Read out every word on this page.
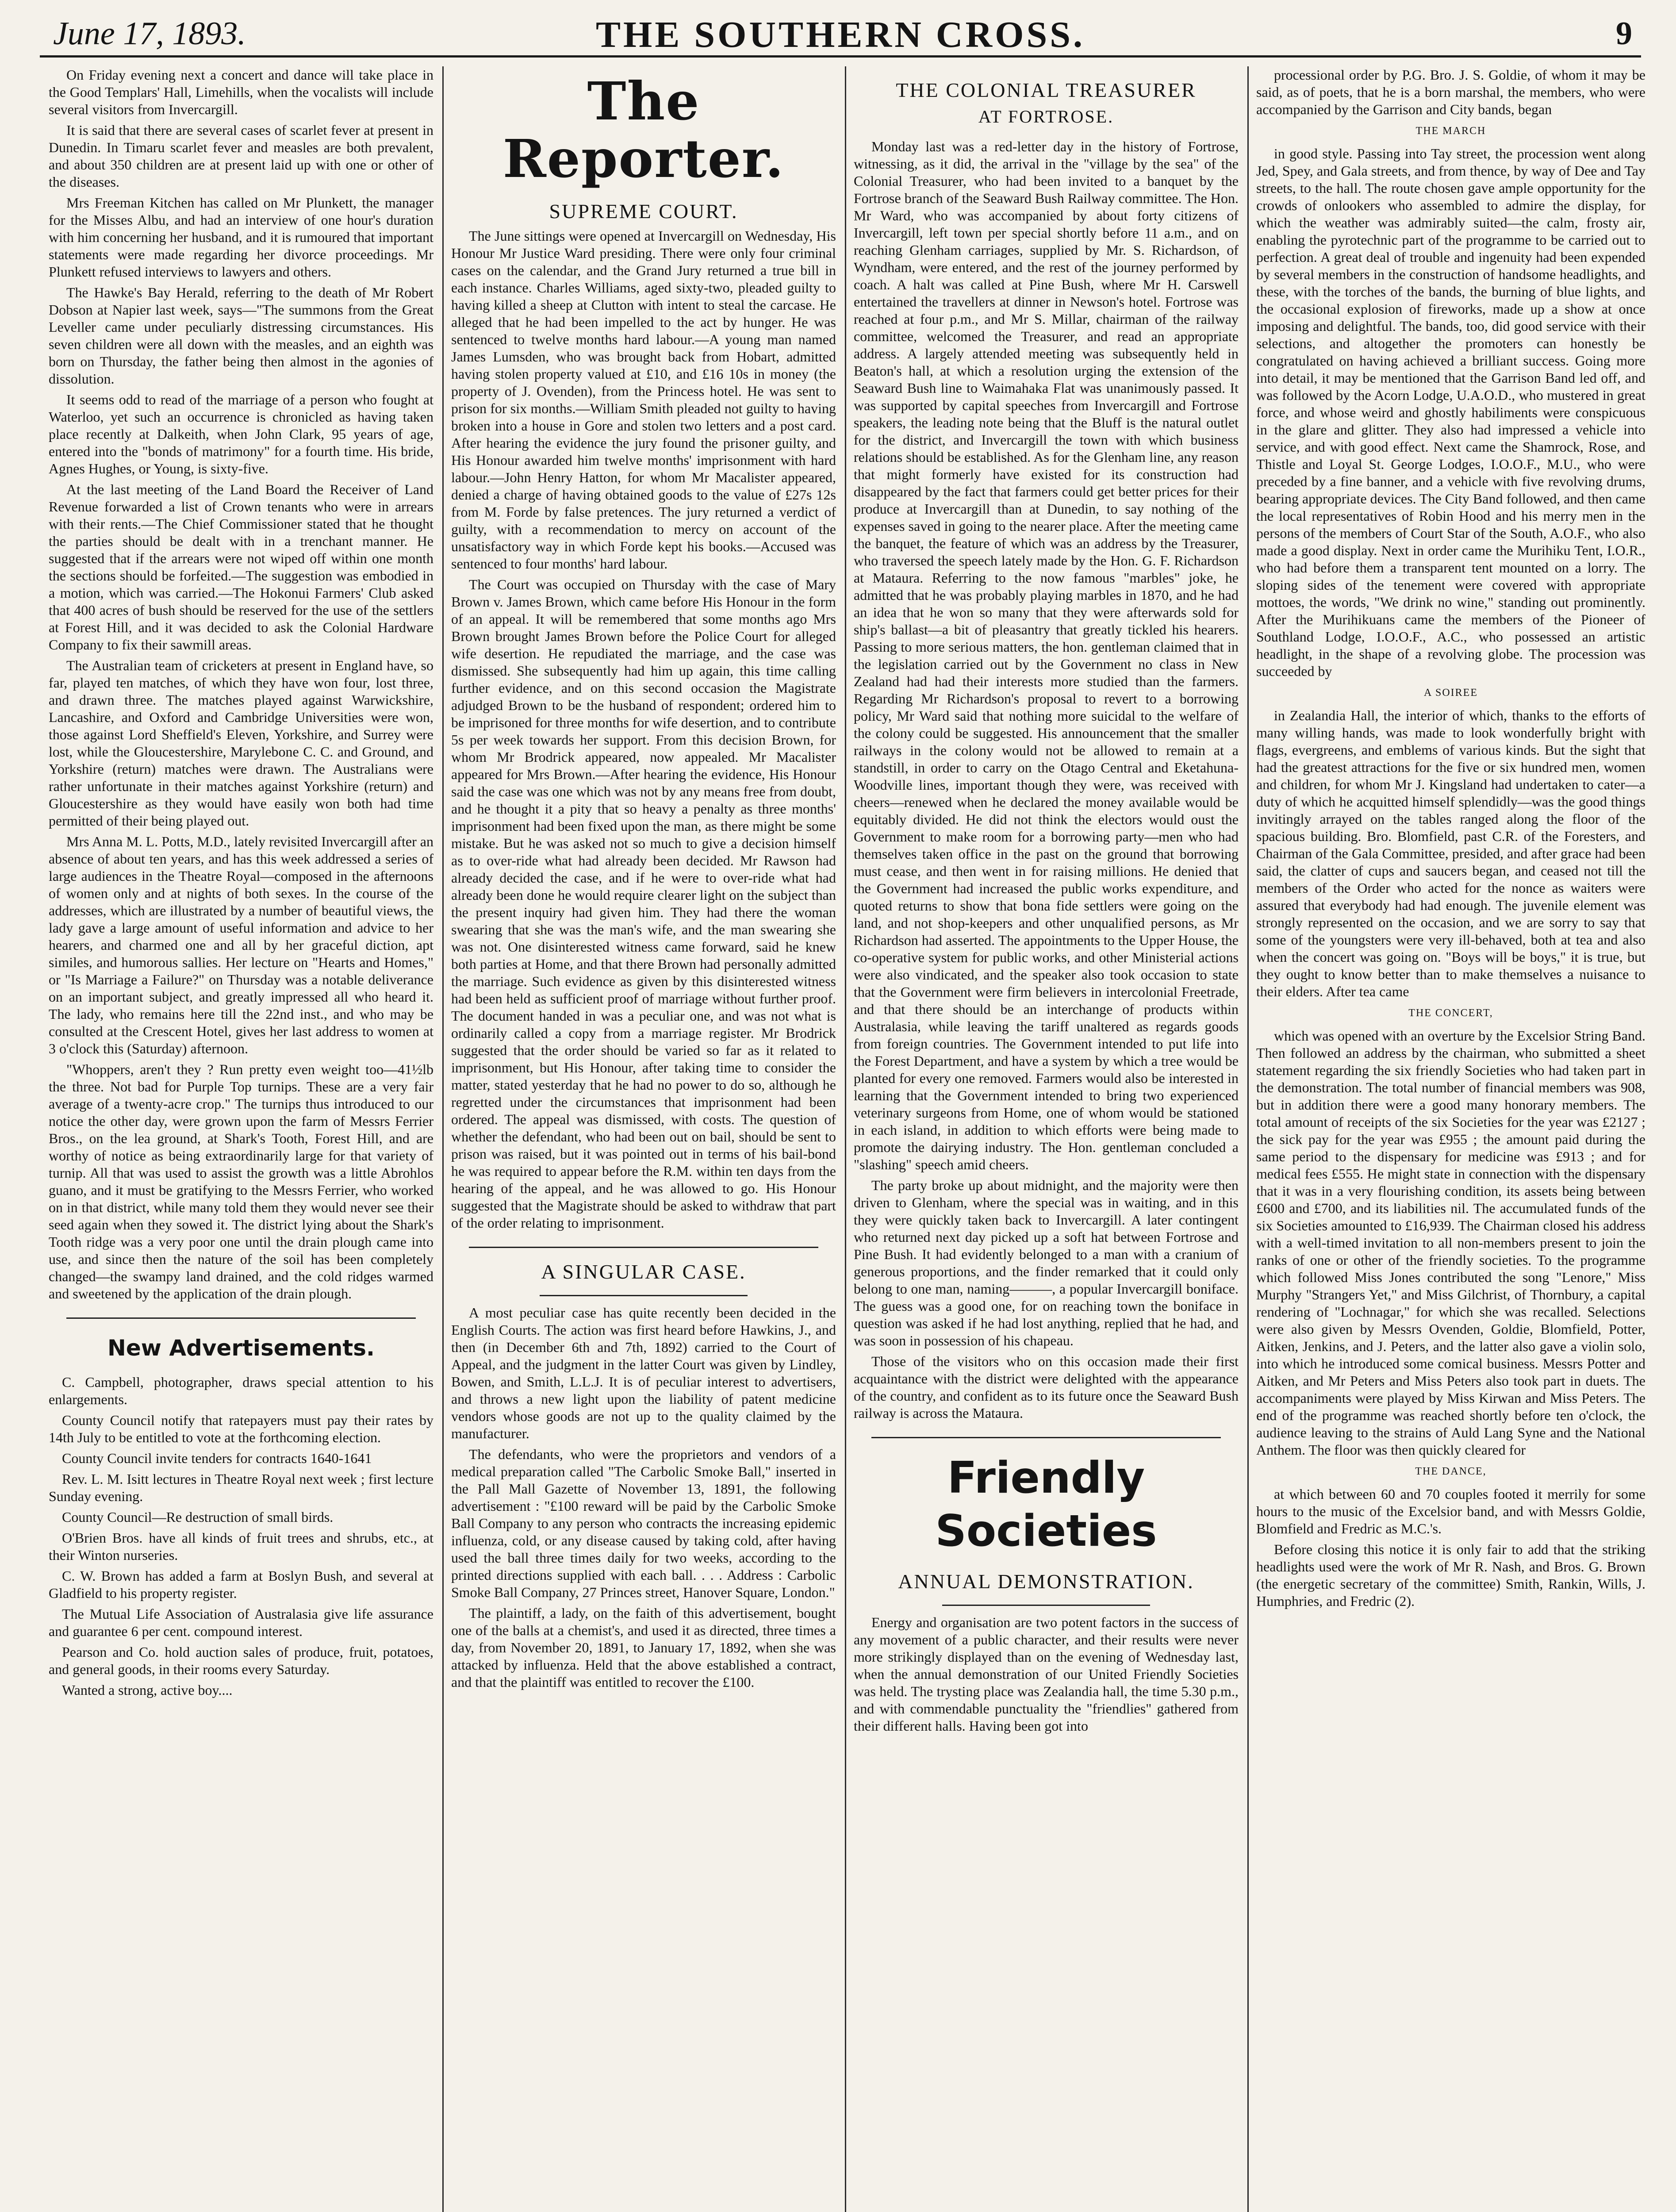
June 17, 1893.	THE SOUTHERN CROSS.	9

On Friday evening next a concert and dance will take place in the Good Templars' Hall, Limehills, when the vocalists will include several visitors from Invercargill.

It is said that there are several cases of scarlet fever at present in Dunedin. In Timaru scarlet fever and measles are both prevalent, and about 350 children are at present laid up with one or other of the diseases.

Mrs Freeman Kitchen has called on Mr Plunkett, the manager for the Misses Albu, and had an interview of one hour's duration with him concerning her husband, and it is rumoured that important statements were made regarding her divorce proceedings. Mr Plunkett refused interviews to lawyers and others.

The Hawke's Bay Herald, referring to the death of Mr Robert Dobson at Napier last week, says—"The summons from the Great Leveller came under peculiarly distressing circumstances. His seven children were all down with the measles, and an eighth was born on Thursday, the father being then almost in the agonies of dissolution.

It seems odd to read of the marriage of a person who fought at Waterloo, yet such an occurrence is chronicled as having taken place recently at Dalkeith, when John Clark, 95 years of age, entered into the "bonds of matrimony" for a fourth time. His bride, Agnes Hughes, or Young, is sixty-five.

At the last meeting of the Land Board the Receiver of Land Revenue forwarded a list of Crown tenants who were in arrears with their rents.—The Chief Commissioner stated that he thought the parties should be dealt with in a trenchant manner. He suggested that if the arrears were not wiped off within one month the sections should be forfeited.—The suggestion was embodied in a motion, which was carried.—The Hokonui Farmers' Club asked that 400 acres of bush should be reserved for the use of the settlers at Forest Hill, and it was decided to ask the Colonial Hardware Company to fix their sawmill areas.

The Australian team of cricketers at present in England have, so far, played ten matches, of which they have won four, lost three, and drawn three. The matches played against Warwickshire, Lancashire, and Oxford and Cambridge Universities were won, those against Lord Sheffield's Eleven, Yorkshire, and Surrey were lost, while the Gloucestershire, Marylebone C. C. and Ground, and Yorkshire (return) matches were drawn. The Australians were rather unfortunate in their matches against Yorkshire (return) and Gloucestershire as they would have easily won both had time permitted of their being played out.

Mrs Anna M. L. Potts, M.D., lately revisited Invercargill after an absence of about ten years, and has this week addressed a series of large audiences in the Theatre Royal—composed in the afternoons of women only and at nights of both sexes. In the course of the addresses, which are illustrated by a number of beautiful views, the lady gave a large amount of useful information and advice to her hearers, and charmed one and all by her graceful diction, apt similes, and humorous sallies. Her lecture on "Hearts and Homes," or "Is Marriage a Failure?" on Thursday was a notable deliverance on an important subject, and greatly impressed all who heard it. The lady, who remains here till the 22nd inst., and who may be consulted at the Crescent Hotel, gives her last address to women at 3 o'clock this (Saturday) afternoon.

"Whoppers, aren't they ? Run pretty even weight too—41½lb the three. Not bad for Purple Top turnips. These are a very fair average of a twenty-acre crop." The turnips thus introduced to our notice the other day, were grown upon the farm of Messrs Ferrier Bros., on the lea ground, at Shark's Tooth, Forest Hill, and are worthy of notice as being extraordinarily large for that variety of turnip. All that was used to assist the growth was a little Abrohlos guano, and it must be gratifying to the Messrs Ferrier, who worked on in that district, while many told them they would never see their seed again when they sowed it. The district lying about the Shark's Tooth ridge was a very poor one until the drain plough came into use, and since then the nature of the soil has been completely changed—the swampy land drained, and the cold ridges warmed and sweetened by the application of the drain plough.

New Advertisements.

C. Campbell, photographer, draws special attention to his enlargements.

County Council notify that ratepayers must pay their rates by 14th July to be entitled to vote at the forthcoming election.

County Council invite tenders for contracts 1640-1641

Rev. L. M. Isitt lectures in Theatre Royal next week ; first lecture Sunday evening.

County Council—Re destruction of small birds.

O'Brien Bros. have all kinds of fruit trees and shrubs, etc., at their Winton nurseries.

C. W. Brown has added a farm at Boslyn Bush, and several at Gladfield to his property register.

The Mutual Life Association of Australasia give life assurance and guarantee 6 per cent. compound interest.

Pearson and Co. hold auction sales of produce, fruit, potatoes, and general goods, in their rooms every Saturday.

Wanted a strong, active boy....

The Reporter.
SUPREME COURT.

The June sittings were opened at Invercargill on Wednesday, His Honour Mr Justice Ward presiding. There were only four criminal cases on the calendar, and the Grand Jury returned a true bill in each instance. Charles Williams, aged sixty-two, pleaded guilty to having killed a sheep at Clutton with intent to steal the carcase. He alleged that he had been impelled to the act by hunger. He was sentenced to twelve months hard labour.—A young man named James Lumsden, who was brought back from Hobart, admitted having stolen property valued at £10, and £16 10s in money (the property of J. Ovenden), from the Princess hotel. He was sent to prison for six months.—William Smith pleaded not guilty to having broken into a house in Gore and stolen two letters and a post card. After hearing the evidence the jury found the prisoner guilty, and His Honour awarded him twelve months' imprisonment with hard labour.—John Henry Hatton, for whom Mr Macalister appeared, denied a charge of having obtained goods to the value of £27s 12s from M. Forde by false pretences. The jury returned a verdict of guilty, with a recommendation to mercy on account of the unsatisfactory way in which Forde kept his books.—Accused was sentenced to four months' hard labour.

The Court was occupied on Thursday with the case of Mary Brown v. James Brown, which came before His Honour in the form of an appeal. It will be remembered that some months ago Mrs Brown brought James Brown before the Police Court for alleged wife desertion. He repudiated the marriage, and the case was dismissed. She subsequently had him up again, this time calling further evidence, and on this second occasion the Magistrate adjudged Brown to be the husband of respondent; ordered him to be imprisoned for three months for wife desertion, and to contribute 5s per week towards her support. From this decision Brown, for whom Mr Brodrick appeared, now appealed. Mr Macalister appeared for Mrs Brown.—After hearing the evidence, His Honour said the case was one which was not by any means free from doubt, and he thought it a pity that so heavy a penalty as three months' imprisonment had been fixed upon the man, as there might be some mistake. But he was asked not so much to give a decision himself as to over-ride what had already been decided. Mr Rawson had already decided the case, and if he were to over-ride what had already been done he would require clearer light on the subject than the present inquiry had given him. They had there the woman swearing that she was the man's wife, and the man swearing she was not. One disinterested witness came forward, said he knew both parties at Home, and that there Brown had personally admitted the marriage. Such evidence as given by this disinterested witness had been held as sufficient proof of marriage without further proof. The document handed in was a peculiar one, and was not what is ordinarily called a copy from a marriage register. Mr Brodrick suggested that the order should be varied so far as it related to imprisonment, but His Honour, after taking time to consider the matter, stated yesterday that he had no power to do so, although he regretted under the circumstances that imprisonment had been ordered. The appeal was dismissed, with costs. The question of whether the defendant, who had been out on bail, should be sent to prison was raised, but it was pointed out in terms of his bail-bond he was required to appear before the R.M. within ten days from the hearing of the appeal, and he was allowed to go. His Honour suggested that the Magistrate should be asked to withdraw that part of the order relating to imprisonment.

A SINGULAR CASE.

A most peculiar case has quite recently been decided in the English Courts. The action was first heard before Hawkins, J., and then (in December 6th and 7th, 1892) carried to the Court of Appeal, and the judgment in the latter Court was given by Lindley, Bowen, and Smith, L.L.J. It is of peculiar interest to advertisers, and throws a new light upon the liability of patent medicine vendors whose goods are not up to the quality claimed by the manufacturer.

The defendants, who were the proprietors and vendors of a medical preparation called "The Carbolic Smoke Ball," inserted in the Pall Mall Gazette of November 13, 1891, the following advertisement : "£100 reward will be paid by the Carbolic Smoke Ball Company to any person who contracts the increasing epidemic influenza, cold, or any disease caused by taking cold, after having used the ball three times daily for two weeks, according to the printed directions supplied with each ball. . . . Address : Carbolic Smoke Ball Company, 27 Princes street, Hanover Square, London."

The plaintiff, a lady, on the faith of this advertisement, bought one of the balls at a chemist's, and used it as directed, three times a day, from November 20, 1891, to January 17, 1892, when she was attacked by influenza. Held that the above established a contract, and that the plaintiff was entitled to recover the £100.

THE COLONIAL TREASURER
AT FORTROSE.

Monday last was a red-letter day in the history of Fortrose, witnessing, as it did, the arrival in the "village by the sea" of the Colonial Treasurer, who had been invited to a banquet by the Fortrose branch of the Seaward Bush Railway committee. The Hon. Mr Ward, who was accompanied by about forty citizens of Invercargill, left town per special shortly before 11 a.m., and on reaching Glenham carriages, supplied by Mr. S. Richardson, of Wyndham, were entered, and the rest of the journey performed by coach. A halt was called at Pine Bush, where Mr H. Carswell entertained the travellers at dinner in Newson's hotel. Fortrose was reached at four p.m., and Mr S. Millar, chairman of the railway committee, welcomed the Treasurer, and read an appropriate address. A largely attended meeting was subsequently held in Beaton's hall, at which a resolution urging the extension of the Seaward Bush line to Waimahaka Flat was unanimously passed. It was supported by capital speeches from Invercargill and Fortrose speakers, the leading note being that the Bluff is the natural outlet for the district, and Invercargill the town with which business relations should be established. As for the Glenham line, any reason that might formerly have existed for its construction had disappeared by the fact that farmers could get better prices for their produce at Invercargill than at Dunedin, to say nothing of the expenses saved in going to the nearer place. After the meeting came the banquet, the feature of which was an address by the Treasurer, who traversed the speech lately made by the Hon. G. F. Richardson at Mataura. Referring to the now famous "marbles" joke, he admitted that he was probably playing marbles in 1870, and he had an idea that he won so many that they were afterwards sold for ship's ballast—a bit of pleasantry that greatly tickled his hearers. Passing to more serious matters, the hon. gentleman claimed that in the legislation carried out by the Government no class in New Zealand had had their interests more studied than the farmers. Regarding Mr Richardson's proposal to revert to a borrowing policy, Mr Ward said that nothing more suicidal to the welfare of the colony could be suggested. His announcement that the smaller railways in the colony would not be allowed to remain at a standstill, in order to carry on the Otago Central and Eketahuna-Woodville lines, important though they were, was received with cheers—renewed when he declared the money available would be equitably divided. He did not think the electors would oust the Government to make room for a borrowing party—men who had themselves taken office in the past on the ground that borrowing must cease, and then went in for raising millions. He denied that the Government had increased the public works expenditure, and quoted returns to show that bona fide settlers were going on the land, and not shop-keepers and other unqualified persons, as Mr Richardson had asserted. The appointments to the Upper House, the co-operative system for public works, and other Ministerial actions were also vindicated, and the speaker also took occasion to state that the Government were firm believers in intercolonial Freetrade, and that there should be an interchange of products within Australasia, while leaving the tariff unaltered as regards goods from foreign countries. The Government intended to put life into the Forest Department, and have a system by which a tree would be planted for every one removed. Farmers would also be interested in learning that the Government intended to bring two experienced veterinary surgeons from Home, one of whom would be stationed in each island, in addition to which efforts were being made to promote the dairying industry. The Hon. gentleman concluded a "slashing" speech amid cheers.

The party broke up about midnight, and the majority were then driven to Glenham, where the special was in waiting, and in this they were quickly taken back to Invercargill. A later contingent who returned next day picked up a soft hat between Fortrose and Pine Bush. It had evidently belonged to a man with a cranium of generous proportions, and the finder remarked that it could only belong to one man, naming———, a popular Invercargill boniface. The guess was a good one, for on reaching town the boniface in question was asked if he had lost anything, replied that he had, and was soon in possession of his chapeau.

Those of the visitors who on this occasion made their first acquaintance with the district were delighted with the appearance of the country, and confident as to its future once the Seaward Bush railway is across the Mataura.

Friendly Societies
ANNUAL DEMONSTRATION.

Energy and organisation are two potent factors in the success of any movement of a public character, and their results were never more strikingly displayed than on the evening of Wednesday last, when the annual demonstration of our United Friendly Societies was held. The trysting place was Zealandia hall, the time 5.30 p.m., and with commendable punctuality the "friendlies" gathered from their different halls. Having been got into

processional order by P.G. Bro. J. S. Goldie, of whom it may be said, as of poets, that he is a born marshal, the members, who were accompanied by the Garrison and City bands, began

THE MARCH

in good style. Passing into Tay street, the procession went along Jed, Spey, and Gala streets, and from thence, by way of Dee and Tay streets, to the hall. The route chosen gave ample opportunity for the crowds of onlookers who assembled to admire the display, for which the weather was admirably suited—the calm, frosty air, enabling the pyrotechnic part of the programme to be carried out to perfection. A great deal of trouble and ingenuity had been expended by several members in the construction of handsome headlights, and these, with the torches of the bands, the burning of blue lights, and the occasional explosion of fireworks, made up a show at once imposing and delightful. The bands, too, did good service with their selections, and altogether the promoters can honestly be congratulated on having achieved a brilliant success. Going more into detail, it may be mentioned that the Garrison Band led off, and was followed by the Acorn Lodge, U.A.O.D., who mustered in great force, and whose weird and ghostly habiliments were conspicuous in the glare and glitter. They also had impressed a vehicle into service, and with good effect. Next came the Shamrock, Rose, and Thistle and Loyal St. George Lodges, I.O.O.F., M.U., who were preceded by a fine banner, and a vehicle with five revolving drums, bearing appropriate devices. The City Band followed, and then came the local representatives of Robin Hood and his merry men in the persons of the members of Court Star of the South, A.O.F., who also made a good display. Next in order came the Murihiku Tent, I.O.R., who had before them a transparent tent mounted on a lorry. The sloping sides of the tenement were covered with appropriate mottoes, the words, "We drink no wine," standing out prominently. After the Murihikuans came the members of the Pioneer of Southland Lodge, I.O.O.F., A.C., who possessed an artistic headlight, in the shape of a revolving globe. The procession was succeeded by

A SOIREE

in Zealandia Hall, the interior of which, thanks to the efforts of many willing hands, was made to look wonderfully bright with flags, evergreens, and emblems of various kinds. But the sight that had the greatest attractions for the five or six hundred men, women and children, for whom Mr J. Kingsland had undertaken to cater—a duty of which he acquitted himself splendidly—was the good things invitingly arrayed on the tables ranged along the floor of the spacious building. Bro. Blomfield, past C.R. of the Foresters, and Chairman of the Gala Committee, presided, and after grace had been said, the clatter of cups and saucers began, and ceased not till the members of the Order who acted for the nonce as waiters were assured that everybody had had enough. The juvenile element was strongly represented on the occasion, and we are sorry to say that some of the youngsters were very ill-behaved, both at tea and also when the concert was going on. "Boys will be boys," it is true, but they ought to know better than to make themselves a nuisance to their elders. After tea came

THE CONCERT,

which was opened with an overture by the Excelsior String Band. Then followed an address by the chairman, who submitted a sheet statement regarding the six friendly Societies who had taken part in the demonstration. The total number of financial members was 908, but in addition there were a good many honorary members. The total amount of receipts of the six Societies for the year was £2127 ; the sick pay for the year was £955 ; the amount paid during the same period to the dispensary for medicine was £913 ; and for medical fees £555. He might state in connection with the dispensary that it was in a very flourishing condition, its assets being between £600 and £700, and its liabilities nil. The accumulated funds of the six Societies amounted to £16,939. The Chairman closed his address with a well-timed invitation to all non-members present to join the ranks of one or other of the friendly societies. To the programme which followed Miss Jones contributed the song "Lenore," Miss Murphy "Strangers Yet," and Miss Gilchrist, of Thornbury, a capital rendering of "Lochnagar," for which she was recalled. Selections were also given by Messrs Ovenden, Goldie, Blomfield, Potter, Aitken, Jenkins, and J. Peters, and the latter also gave a violin solo, into which he introduced some comical business. Messrs Potter and Aitken, and Mr Peters and Miss Peters also took part in duets. The accompaniments were played by Miss Kirwan and Miss Peters. The end of the programme was reached shortly before ten o'clock, the audience leaving to the strains of Auld Lang Syne and the National Anthem. The floor was then quickly cleared for

THE DANCE,

at which between 60 and 70 couples footed it merrily for some hours to the music of the Excelsior band, and with Messrs Goldie, Blomfield and Fredric as M.C.'s.

Before closing this notice it is only fair to add that the striking headlights used were the work of Mr R. Nash, and Bros. G. Brown (the energetic secretary of the committee) Smith, Rankin, Wills, J. Humphries, and Fredric (2).
